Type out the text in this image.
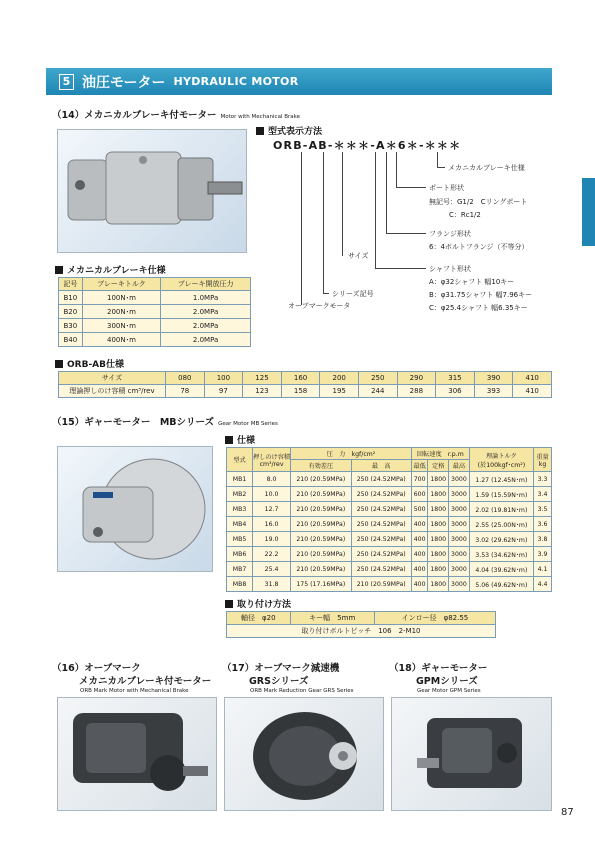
5 油圧モーター HYDRAULIC MOTOR
（14）メカニカルブレーキ付モーター Motor with Mechanical Brake
型式表示方法
ORB-AB-＊＊＊-A＊6＊-＊＊＊
メカニカルブレーキ仕様
ポート形状
無記号：G1/2　Cリングポート
C：Rc1/2
フランジ形状
6：4ボルトフランジ（不等分）
サイズ
シャフト形状
A：φ32シャフト 幅10キー
B：φ31.75シャフト 幅7.96キー
C：φ25.4シャフト 幅6.35キー
シリーズ記号
オーブマークモータ
メカニカルブレーキ仕様
記号	ブレーキトルク	ブレーキ開放圧力
B10	100N･m	1.0MPa
B20	200N･m	2.0MPa
B30	300N･m	2.0MPa
B40	400N･m	2.0MPa
ORB-AB仕様
サイズ	080	100	125	160	200	250	290	315	390	410
理論押しのけ容積 cm³/rev	78	97	123	158	195	244	288	306	393	410
（15）ギャーモーター　MBシリーズ Gear Motor MB Series
仕様
型式	押しのけ容積
cm³/rev	圧　力　kgf/cm²		回転速度　r.p.m			理論トルク
(於100kgf･cm²)	重量
kg
		有効差圧	最　高	最低	定格	最高		
MB1	8.0	210 (20.59MPa)	250 (24.52MPa)	700	1800	3000	1.27 (12.45N･m)	3.3
MB2	10.0	210 (20.59MPa)	250 (24.52MPa)	600	1800	3000	1.59 (15.59N･m)	3.4
MB3	12.7	210 (20.59MPa)	250 (24.52MPa)	500	1800	3000	2.02 (19.81N･m)	3.5
MB4	16.0	210 (20.59MPa)	250 (24.52MPa)	400	1800	3000	2.55 (25.00N･m)	3.6
MB5	19.0	210 (20.59MPa)	250 (24.52MPa)	400	1800	3000	3.02 (29.62N･m)	3.8
MB6	22.2	210 (20.59MPa)	250 (24.52MPa)	400	1800	3000	3.53 (34.62N･m)	3.9
MB7	25.4	210 (20.59MPa)	250 (24.52MPa)	400	1800	3000	4.04 (39.62N･m)	4.1
MB8	31.8	175 (17.16MPa)	210 (20.59MPa)	400	1800	3000	5.06 (49.62N･m)	4.4
取り付け方法
軸径　φ20	キー幅　5mm	インロー径　φ82.55
取り付けボルトピッチ　106　2-M10
（16）オーブマーク
メカニカルブレーキ付モーター
ORB Mark Motor with Mechanical Brake
（17）オーブマーク減速機
GRSシリーズ
ORB Mark Reduction Gear GRS Series
（18）ギャーモーター
GPMシリーズ
Gear Motor GPM Series
87
